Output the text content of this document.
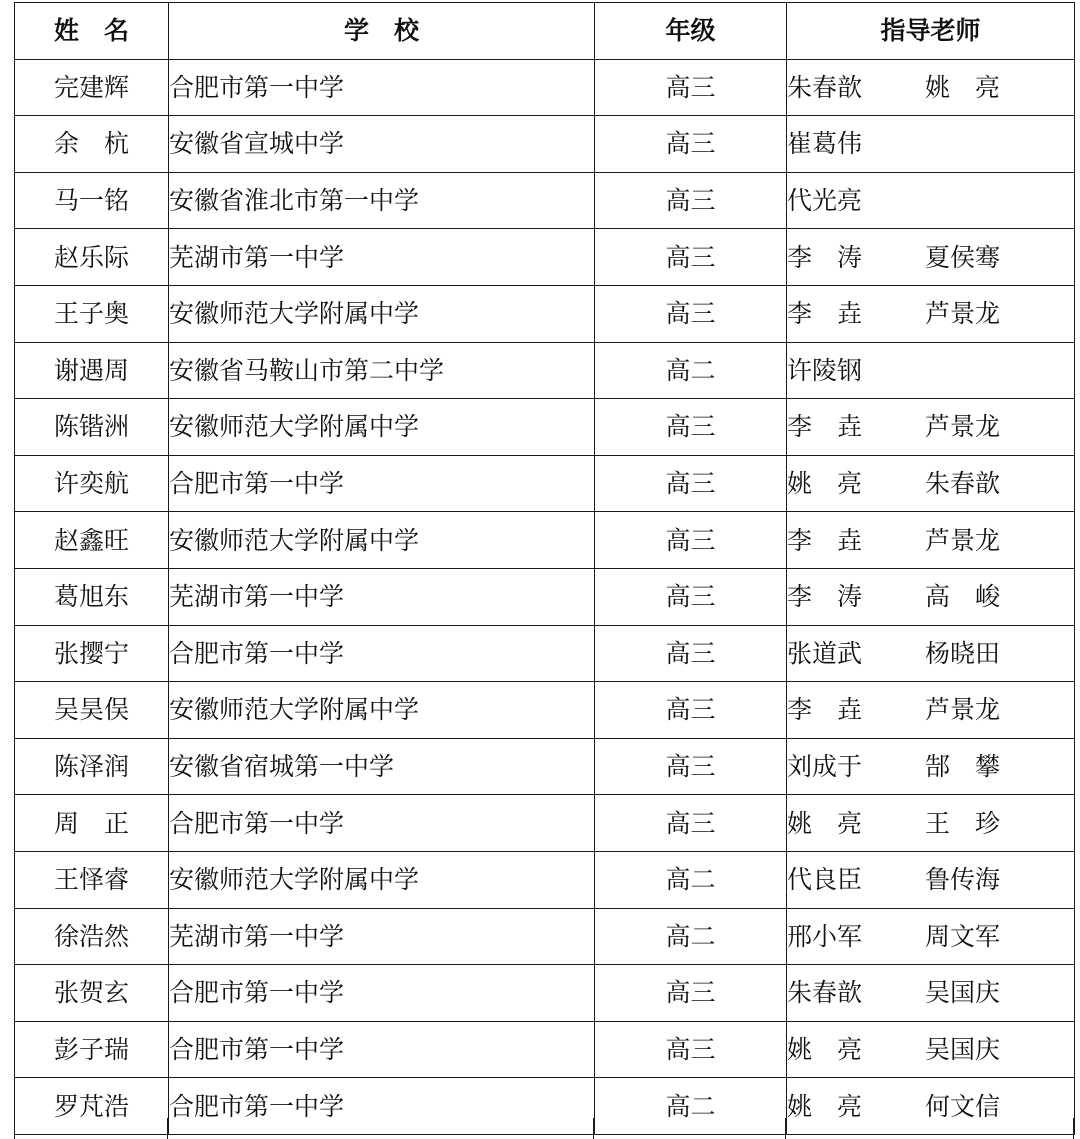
姓　名	学　校	年级	指导老师
完建辉	合肥市第一中学	高三	朱春歆 姚　亮
余　杭	安徽省宣城中学	高三	崔葛伟
马一铭	安徽省淮北市第一中学	高三	代光亮
赵乐际	芜湖市第一中学	高三	李　涛 夏侯骞
王子奥	安徽师范大学附属中学	高三	李　垚 芦景龙
谢遇周	安徽省马鞍山市第二中学	高二	许陵钢
陈锴洲	安徽师范大学附属中学	高三	李　垚 芦景龙
许奕航	合肥市第一中学	高三	姚　亮 朱春歆
赵鑫旺	安徽师范大学附属中学	高三	李　垚 芦景龙
葛旭东	芜湖市第一中学	高三	李　涛 高　峻
张撄宁	合肥市第一中学	高三	张道武 杨晓田
吴昊俣	安徽师范大学附属中学	高三	李　垚 芦景龙
陈泽润	安徽省宿城第一中学	高三	刘成于 郜　攀
周　正	合肥市第一中学	高三	姚　亮 王　珍
王怿睿	安徽师范大学附属中学	高二	代良臣 鲁传海
徐浩然	芜湖市第一中学	高二	邢小军 周文军
张贺玄	合肥市第一中学	高三	朱春歆 吴国庆
彭子瑞	合肥市第一中学	高三	姚　亮 吴国庆
罗芃浩	合肥市第一中学	高二	姚　亮 何文信
